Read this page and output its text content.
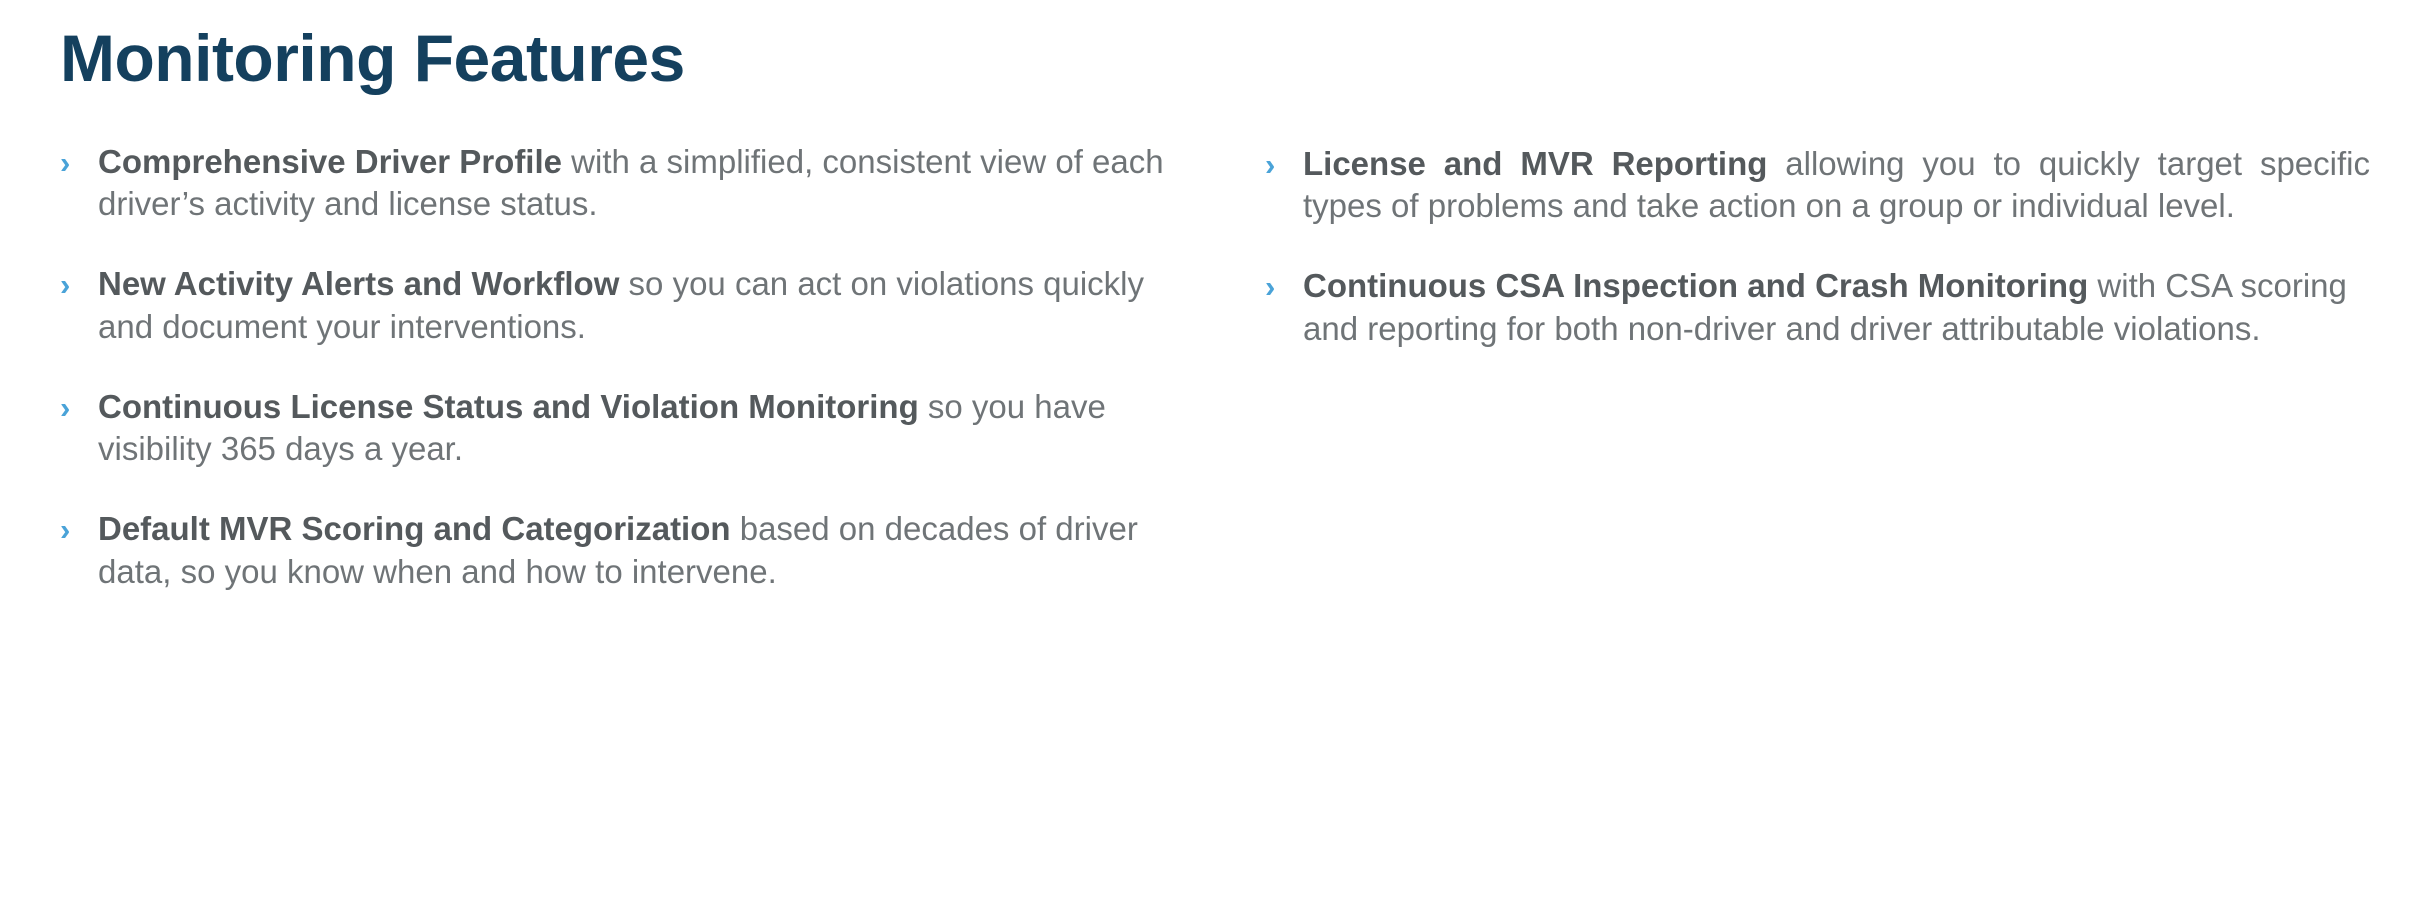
Monitoring Features

› Comprehensive Driver Profile with a simplified, consistent view of each driver’s activity and license status.

› New Activity Alerts and Workflow so you can act on violations quickly and document your interventions.

› Continuous License Status and Violation Monitoring so you have visibility 365 days a year.

› Default MVR Scoring and Categorization based on decades of driver data, so you know when and how to intervene.

› License and MVR Reporting allowing you to quickly target specific types of problems and take action on a group or individual level.

› Continuous CSA Inspection and Crash Monitoring with CSA scoring and reporting for both non-driver and driver attributable violations.
